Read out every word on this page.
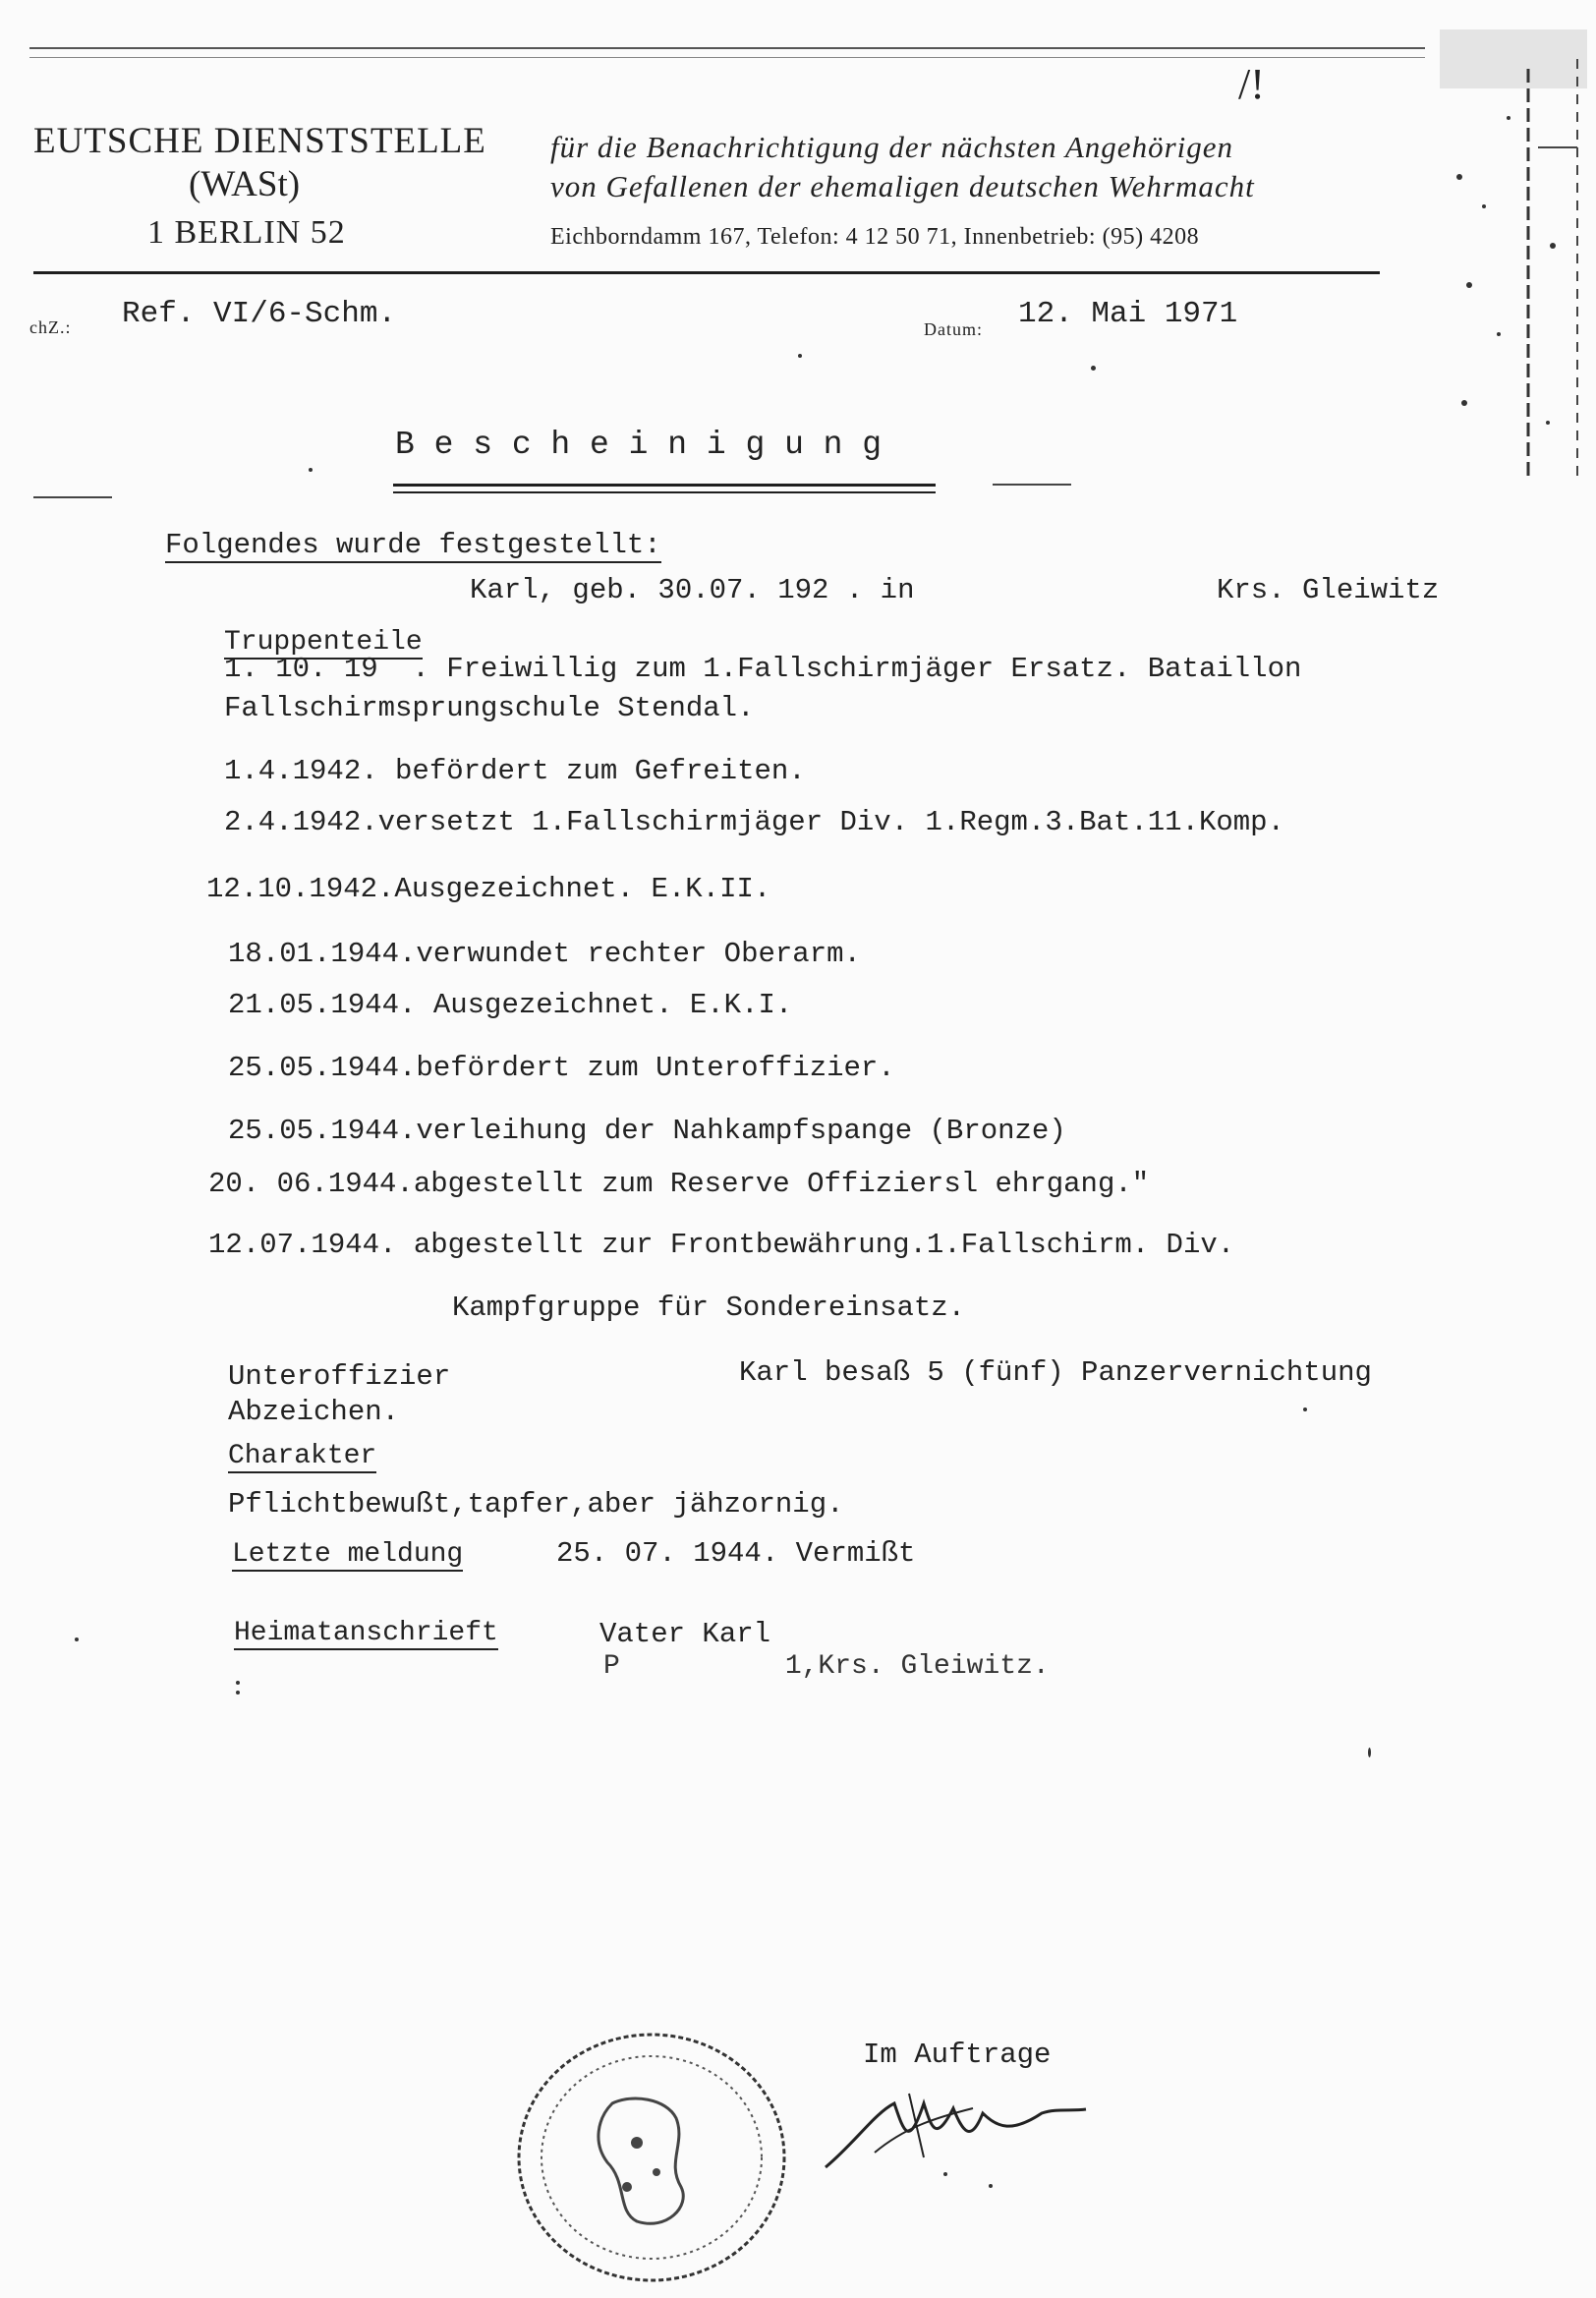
/!
EUTSCHE DIENSTSTELLE
(WASt)
1 BERLIN 52
für die Benachrichtigung der nächsten Angehörigen
von Gefallenen der ehemaligen deutschen Wehrmacht
Eichborndamm 167, Telefon: 4 12 50 71, Innenbetrieb: (95) 4208
chZ.: Ref. VI/6-Schm.	Datum: 12. Mai 1971
B e s c h e i n i g u n g
Folgendes wurde festgestellt:
Karl, geb. 30.07. 192 . in	Krs. Gleiwitz
Truppenteile
1. 10. 19  . Freiwillig zum 1.Fallschirmjäger Ersatz. Bataillon
Fallschirmsprungschule Stendal.
1.4.1942. befördert zum Gefreiten.
2.4.1942.versetzt 1.Fallschirmjäger Div. 1.Regm.3.Bat.11.Komp.
12.10.1942.Ausgezeichnet. E.K.II.
18.01.1944.verwundet rechter Oberarm.
21.05.1944. Ausgezeichnet. E.K.I.
25.05.1944.befördert zum Unteroffizier.
25.05.1944.verleihung der Nahkampfspange (Bronze)
20. 06.1944.abgestellt zum Reserve Offiziersl ehrgang."
12.07.1944. abgestellt zur Frontbewährung.1.Fallschirm. Div.
Kampfgruppe für Sondereinsatz.
Unteroffizier
Abzeichen.
Karl besaß 5 (fünf) Panzervernichtung
Charakter
Pflichtbewußt,tapfer,aber jähzornig.
Letzte meldung	25. 07. 1944. Vermißt
Heimatanschrieft	Vater Karl
P          1,Krs. Gleiwitz.
Im Auftrage
